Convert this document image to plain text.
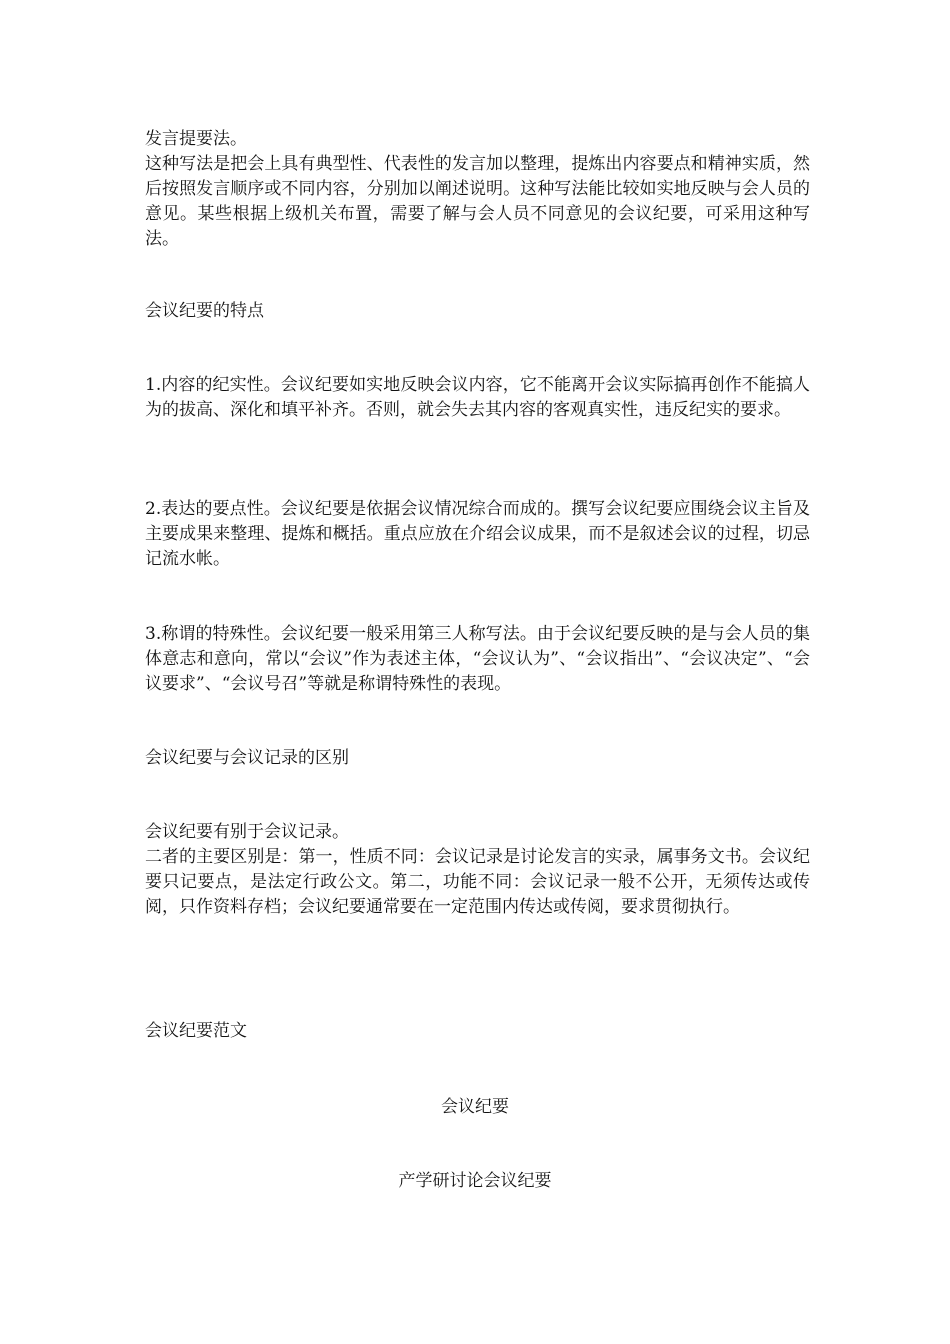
发言提要法。

这种写法是把会上具有典型性、代表性的发言加以整理，提炼出内容要点和精神实质，然后按照发言顺序或不同内容，分别加以阐述说明。这种写法能比较如实地反映与会人员的意见。某些根据上级机关布置，需要了解与会人员不同意见的会议纪要，可采用这种写法。

会议纪要的特点

1.内容的纪实性。会议纪要如实地反映会议内容，它不能离开会议实际搞再创作不能搞人为的拔高、深化和填平补齐。否则，就会失去其内容的客观真实性，违反纪实的要求。

2.表达的要点性。会议纪要是依据会议情况综合而成的。撰写会议纪要应围绕会议主旨及主要成果来整理、提炼和概括。重点应放在介绍会议成果，而不是叙述会议的过程，切忌记流水帐。

3.称谓的特殊性。会议纪要一般采用第三人称写法。由于会议纪要反映的是与会人员的集体意志和意向，常以“会议”作为表述主体，“会议认为”、“会议指出”、“会议决定”、“会议要求”、“会议号召”等就是称谓特殊性的表现。

会议纪要与会议记录的区别

会议纪要有别于会议记录。

二者的主要区别是：第一，性质不同：会议记录是讨论发言的实录，属事务文书。会议纪要只记要点，是法定行政公文。第二，功能不同：会议记录一般不公开，无须传达或传阅，只作资料存档；会议纪要通常要在一定范围内传达或传阅，要求贯彻执行。

会议纪要范文

会议纪要

产学研讨论会议纪要
